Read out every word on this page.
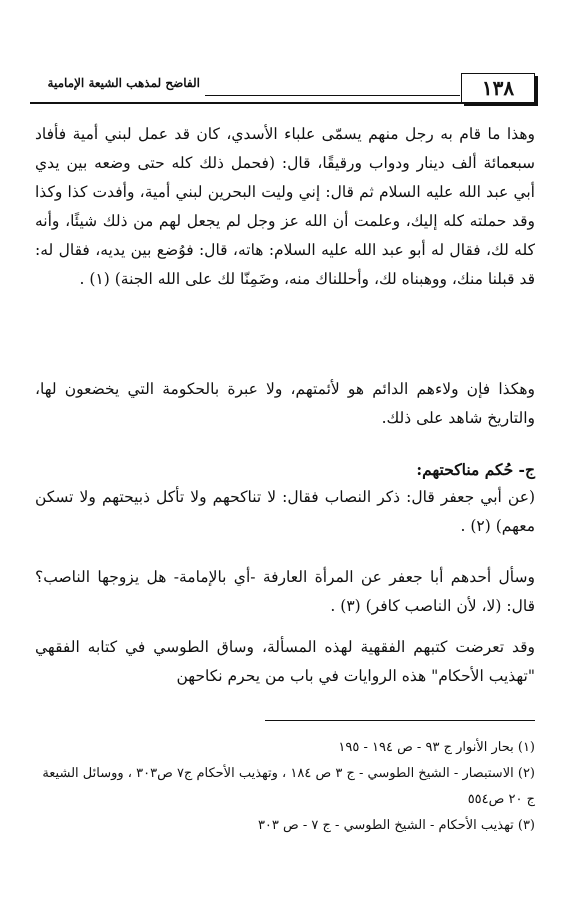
١٣٨
الفاضح لمذهب الشيعة الإمامية
وهذا ما قام به رجل منهم يسمّى علباء الأسدي، كان قد عمل لبني أمية فأفاد سبعمائة ألف دينار ودواب ورقيقًا، قال: (فحمل ذلك كله حتى وضعه بين يدي أبي عبد الله عليه السلام ثم قال: إني وليت البحرين لبني أمية، وأفدت كذا وكذا وقد حملته كله إليك، وعلمت أن الله عز وجل لم يجعل لهم من ذلك شيئًا، وأنه كله لك، فقال له أبو عبد الله عليه السلام: هاته، قال: فوُضع بين يديه، فقال له: قد قبلنا منك، ووهبناه لك، وأحللناك منه، وضَمِنّا لك على الله الجنة) (١) .
وهكذا فإن ولاءهم الدائم هو لأئمتهم، ولا عبرة بالحكومة التي يخضعون لها، والتاريخ شاهد على ذلك.
ج- حُكم مناكحتهم:
(عن أبي جعفر قال: ذكر النصاب فقال: لا تناكحهم ولا تأكل ذبيحتهم ولا تسكن معهم) (٢) .
وسأل أحدهم أبا جعفر عن المرأة العارفة -أي بالإمامة- هل يزوجها الناصب؟ قال: (لا، لأن الناصب كافر) (٣) .
وقد تعرضت كتبهم الفقهية لهذه المسألة، وساق الطوسي في كتابه الفقهي "تهذيب الأحكام" هذه الروايات في باب من يحرم نكاحهن
(١) بحار الأنوار ج ٩٣ - ص ١٩٤ - ١٩٥
(٢) الاستبصار - الشيخ الطوسي - ج ٣ ص ١٨٤ ، وتهذيب الأحكام ج٧ ص٣٠٣ ، ووسائل الشيعة ج ٢٠ ص٥٥٤
(٣) تهذيب الأحكام - الشيخ الطوسي - ج ٧ - ص ٣٠٣
